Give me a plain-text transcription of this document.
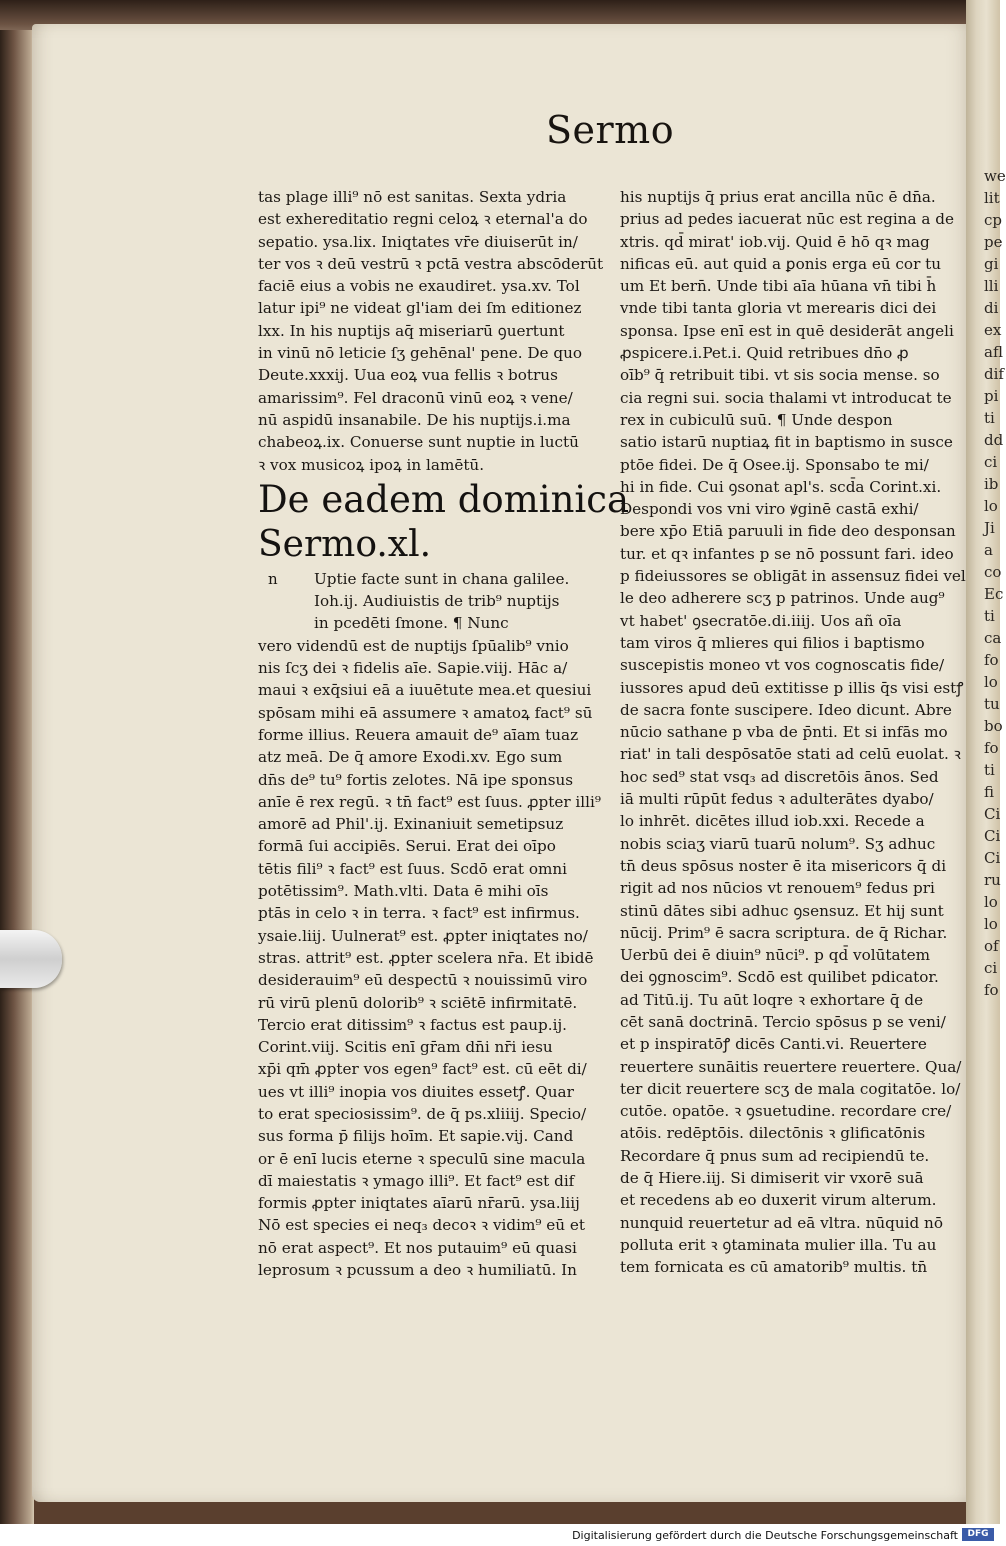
we
lit
cp
pe
gi
lli
di
ex
afl
dif
pi
ti
dd
ci
ib
lo
Ji
a
co
Ec
ti
ca
fo
lo
tu
bo
fo
ti
fi
Ci
Ci
Ci
ru
lo
lo
of
ci
fo
Sermo
tas plage illi⁹ nō est sanitas. Sexta ydria
est exhereditatio regni celoꝝ ꝛ eternal'a do
sepatio. ysa.lix. Iniqtates vr̄e diuiserūt in/
ter vos ꝛ deū vestrū ꝛ pctā vestra abscōderūt
faciē eius a vobis ne exaudiret. ysa.xv. Tol
latur ipi⁹ ne videat gl'iam dei ſm editionez
lxx. In his nuptijs aq̄ miseriarū ꝯuertunt
in vinū nō leticie ſʒ gehēnal' pene. De quo
Deute.xxxij. Uua eoꝝ vua fellis ꝛ botrus
amarissim⁹. Fel draconū vinū eoꝝ ꝛ vene/
nū aspidū insanabile. De his nuptijs.i.ma
chabeoꝝ.ix. Conuerse sunt nuptie in luctū
ꝛ vox musicoꝝ ipoꝝ in lamētū.
De eadem dominica
Sermo.xl.
n	Uptie facte sunt in chana galilee.
Ioh.ij. Audiuistis de trib⁹ nuptijs
in pcedēti ſmone. ¶ Nunc
vero videndū est de nuptijs ſpūalib⁹ vnio
nis ſcʒ dei ꝛ fidelis aīe. Sapie.viij. Hāc a/
maui ꝛ exq̄siui eā a iuuētute mea.et quesiui
spōsam mihi eā assumere ꝛ amatoꝝ fact⁹ sū
forme illius. Reuera amauit de⁹ aīam tuaz
atz meā. De q̄ amore Exodi.xv. Ego sum
dn̄s de⁹ tu⁹ fortis zelotes. Nā ipe sponsus
anīe ē rex regū. ꝛ tn̄ fact⁹ est ſuus. ꝓpter illi⁹
amorē ad Phil'.ij. Exinaniuit semetipsuz
formā ſui accipiēs. Serui. Erat dei oīpo
tētis fili⁹ ꝛ fact⁹ est ſuus. Scdō erat omni
potētissim⁹. Math.vlti. Data ē mihi oīs
ptās in celo ꝛ in terra. ꝛ fact⁹ est infirmus.
ysaie.liij. Uulnerat⁹ est. ꝓpter iniqtates no/
stras. attrit⁹ est. ꝓpter scelera nr̄a. Et ibidē
desiderauim⁹ eū despectū ꝛ nouissimū viro
rū virū plenū dolorib⁹ ꝛ sciētē infirmitatē.
Tercio erat ditissim⁹ ꝛ factus est paup.ij.
Corint.viij. Scitis enī gr̄am dn̄i nr̄i iesu
xp̄i qm̄ ꝓpter vos egen⁹ fact⁹ est. cū eēt di/
ues vt illi⁹ inopia vos diuites essetꝭ. Quar
to erat speciosissim⁹. de q̄ ps.xliiij. Specio/
sus forma p̄ filijs hoīm. Et sapie.vij. Cand
or ē enī lucis eterne ꝛ speculū sine macula
dī maiestatis ꝛ ymago illi⁹. Et fact⁹ est dif
formis ꝓpter iniqtates aīarū nr̄arū. ysa.liij
Nō est species ei neq₃ decoꝛ ꝛ vidim⁹ eū et
nō erat aspect⁹. Et nos putauim⁹ eū quasi
leprosum ꝛ pcussum a deo ꝛ humiliatū. In
his nuptijs q̄ prius erat ancilla nūc ē dn̄a.
prius ad pedes iacuerat nūc est regina a de
xtris. qd̄ mirat' iob.vij. Quid ē hō qꝛ mag
nificas eū. aut quid a ꝑonis erga eū cor tu
um Et bern̄. Unde tibi aīa hūana vn̄ tibi h̄
vnde tibi tanta gloria vt merearis dici dei
sponsa. Ipse enī est in quē desiderāt angeli
ꝓspicere.i.Pet.i. Quid retribues dn̄o ꝓ
oīb⁹ q̄ retribuit tibi. vt sis socia mense. so
cia regni sui. socia thalami vt introducat te
rex in cubiculū suū. ¶ Unde despon
satio istarū nuptiaꝝ fit in baptismo in susce
ptōe fidei. De q̄ Osee.ij. Sponsabo te mi/
hi in fide. Cui ꝯsonat apl's. scd̄a Corint.xi.
Despondi vos vni viro ꝟginē castā exhi/
bere xp̄o Etiā paruuli in fide deo desponsan
tur. et qꝛ infantes p se nō possunt fari. ideo
p fideiussores se obligāt in assensuz fidei vel
le deo adherere scʒ p patrinos. Unde aug⁹
vt habet' ꝯsecratōe.di.iiij. Uos añ oīa
tam viros q̄ mlieres qui filios i baptismo
suscepistis moneo vt vos cognoscatis fide/
iussores apud deū extitisse p illis q̄s visi estꝭ
de sacra fonte suscipere. Ideo dicunt. Abre
nūcio sathane p vba de p̄nti. Et si infās mo
riat' in tali despōsatōe stati ad celū euolat. ꝛ
hoc sed⁹ stat vsq₃ ad discretōis ānos. Sed
iā multi rūpūt fedus ꝛ adulterātes dyabo/
lo inhrēt. dicētes illud iob.xxi. Recede a
nobis sciaʒ viarū tuarū nolum⁹. Sʒ adhuc
tn̄ deus spōsus noster ē ita misericors q̄ di
rigit ad nos nūcios vt renouem⁹ fedus pri
stinū dātes sibi adhuc ꝯsensuz. Et hij sunt
nūcij. Prim⁹ ē sacra scriptura. de q̄ Richar.
Uerbū dei ē diuin⁹ nūci⁹. p qd̄ volūtatem
dei ꝯgnoscim⁹. Scdō est quilibet pdicator.
ad Titū.ij. Tu aūt loqre ꝛ exhortare q̄ de
cēt sanā doctrinā. Tercio spōsus p se veni/
et p inspiratōꝭ dicēs Canti.vi. Reuertere
reuertere sunāitis reuertere reuertere. Qua/
ter dicit reuertere scʒ de mala cogitatōe. lo/
cutōe. opatōe. ꝛ ꝯsuetudine. recordare cre/
atōis. redēptōis. dilectōnis ꝛ glificatōnis
Recordare q̄ pnus sum ad recipiendū te.
de q̄ Hiere.iij. Si dimiserit vir vxorē suā
et recedens ab eo duxerit virum alterum.
nunquid reuertetur ad eā vltra. nūquid nō
polluta erit ꝛ ꝯtaminata mulier illa. Tu au
tem fornicata es cū amatorib⁹ multis. tn̄
Digitalisierung gefördert durch die Deutsche Forschungsgemeinschaft	DFG
